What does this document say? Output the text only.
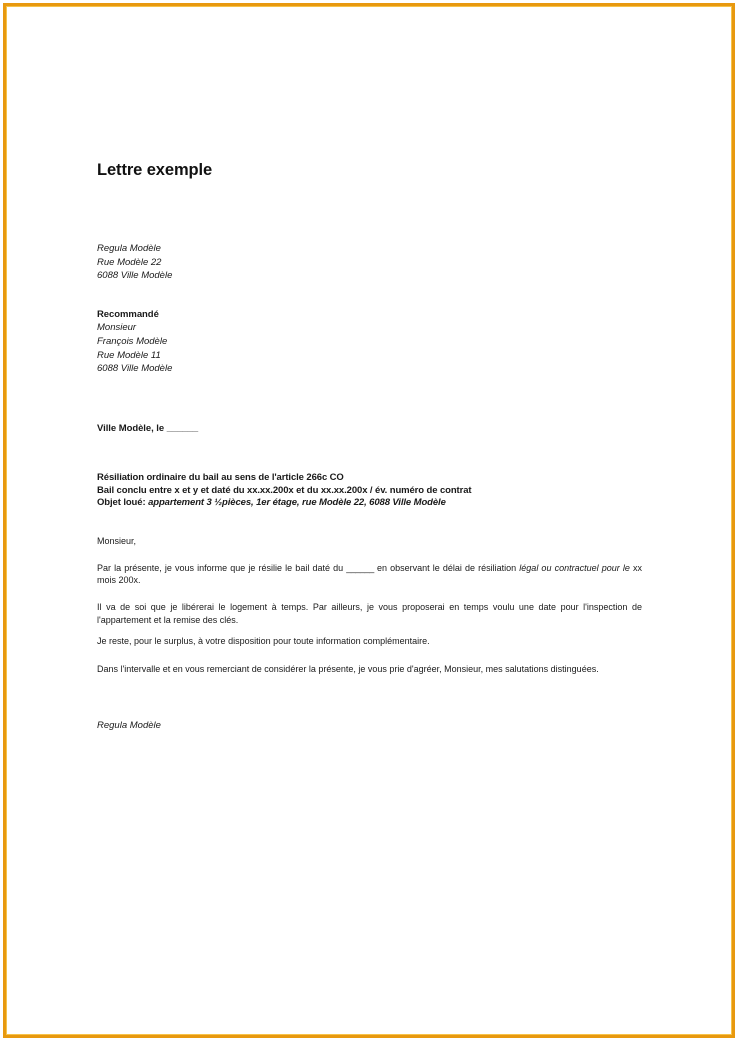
Lettre exemple
Regula Modèle
Rue Modèle 22
6088 Ville Modèle
Recommandé
Monsieur
François Modèle
Rue Modèle 11
6088 Ville Modèle
Ville Modèle, le ______
Résiliation ordinaire du bail au sens de l'article 266c CO
Bail conclu entre x et y et daté du xx.xx.200x et du xx.xx.200x / év. numéro de contrat
Objet loué: appartement 3 ½pièces, 1er étage, rue Modèle 22, 6088 Ville Modèle
Monsieur,

Par la présente, je vous informe que je résilie le bail daté du ______ en observant le délai de résiliation légal ou contractuel pour le xx mois 200x.

Il va de soi que je libérerai le logement à temps. Par ailleurs, je vous proposerai en temps voulu une date pour l'inspection de l'appartement et la remise des clés.

Je reste, pour le surplus, à votre disposition pour toute information complémentaire.

Dans l'intervalle et en vous remerciant de considérer la présente, je vous prie d'agréer, Monsieur, mes salutations distinguées.

Regula Modèle
